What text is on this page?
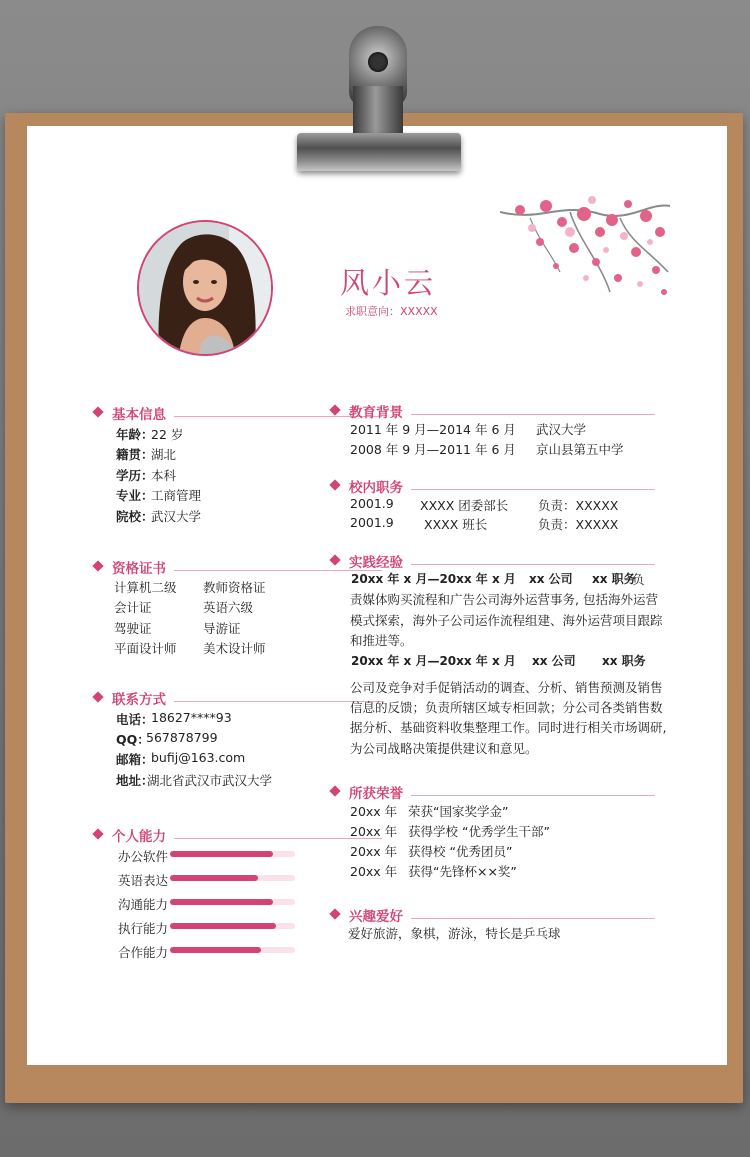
风小云
求职意向：XXXXX
基本信息
年龄：
22 岁
籍贯：
湖北
学历：
本科
专业：
工商管理
院校：
武汉大学
资格证书
计算机二级 教师资格证
会计证	英语六级
驾驶证	导游证
平面设计师 美术设计师
联系方式
电话：
18627****93
QQ：
567878799
邮箱：
bufij@163.com
地址：
湖北省武汉市武汉大学
个人能力
办公软件
英语表达
沟通能力
执行能力
合作能力
教育背景
2011 年 9 月—2014 年 6 月 武汉大学
2008 年 9 月—2011 年 6 月 京山县第五中学
校内职务
2001.9 XXXX 团委部长 负责：XXXXX
2001.9 XXXX 班长	负责：XXXXX
实践经验
20xx 年 x 月—20xx 年 x 月 xx 公司 xx 职务
负
责媒体购买流程和广告公司海外运营事务, 包括海外运营
模式探索，海外子公司运作流程组建、海外运营项目跟踪
和推进等。
20xx 年 x 月—20xx 年 x 月 xx 公司 xx 职务
公司及竞争对手促销活动的调查、分析、销售预测及销售
信息的反馈；负责所辖区域专柜回款；分公司各类销售数
据分析、基础资料收集整理工作。同时进行相关市场调研,
为公司战略决策提供建议和意见。
所获荣誉
20xx 年 荣获“国家奖学金”
20xx 年 获得学校 “优秀学生干部”
20xx 年 获得校 “优秀团员”
20xx 年 获得“先锋杯××奖”
兴趣爱好
爱好旅游，象棋，游泳，特长是乒乓球
